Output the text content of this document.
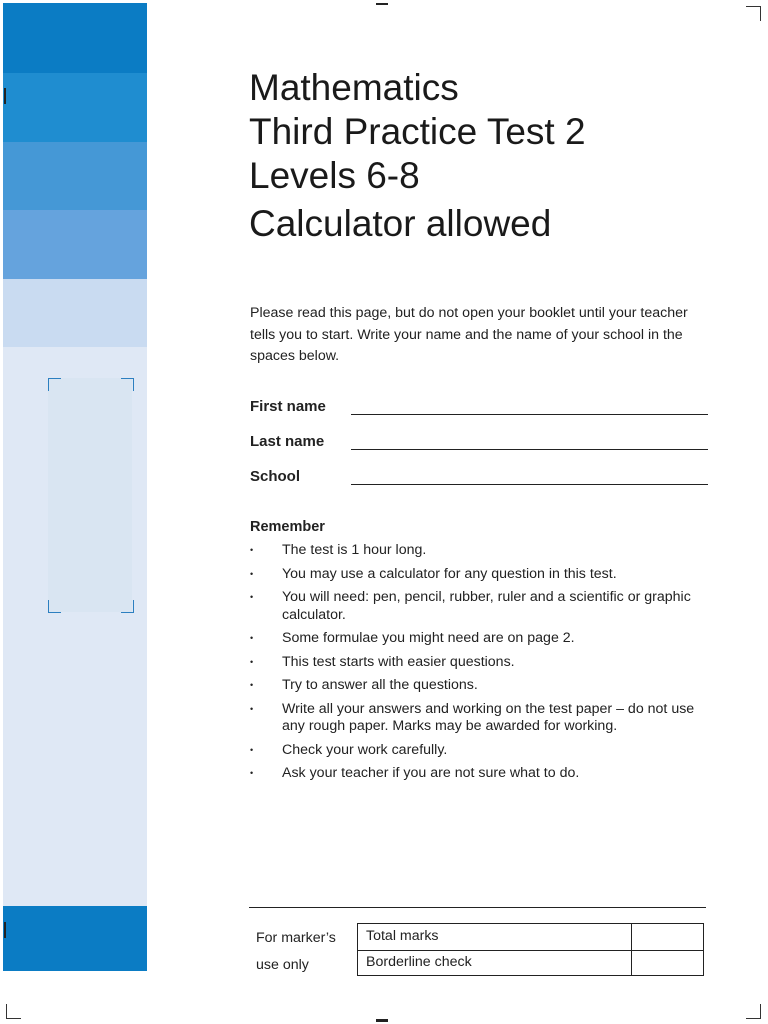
Mathematics
Third Practice Test 2
Levels 6-8
Calculator allowed

Please read this page, but do not open your booklet until your teacher tells you to start. Write your name and the name of your school in the spaces below.

First name
Last name
School
Remember
• The test is 1 hour long.
• You may use a calculator for any question in this test.
• You will need: pen, pencil, rubber, ruler and a scientific or graphic calculator.
• Some formulae you might need are on page 2.
• This test starts with easier questions.
• Try to answer all the questions.
• Write all your answers and working on the test paper – do not use any rough paper. Marks may be awarded for working.
• Check your work carefully.
• Ask your teacher if you are not sure what to do.
For marker’s use only
Total marks
Borderline check
